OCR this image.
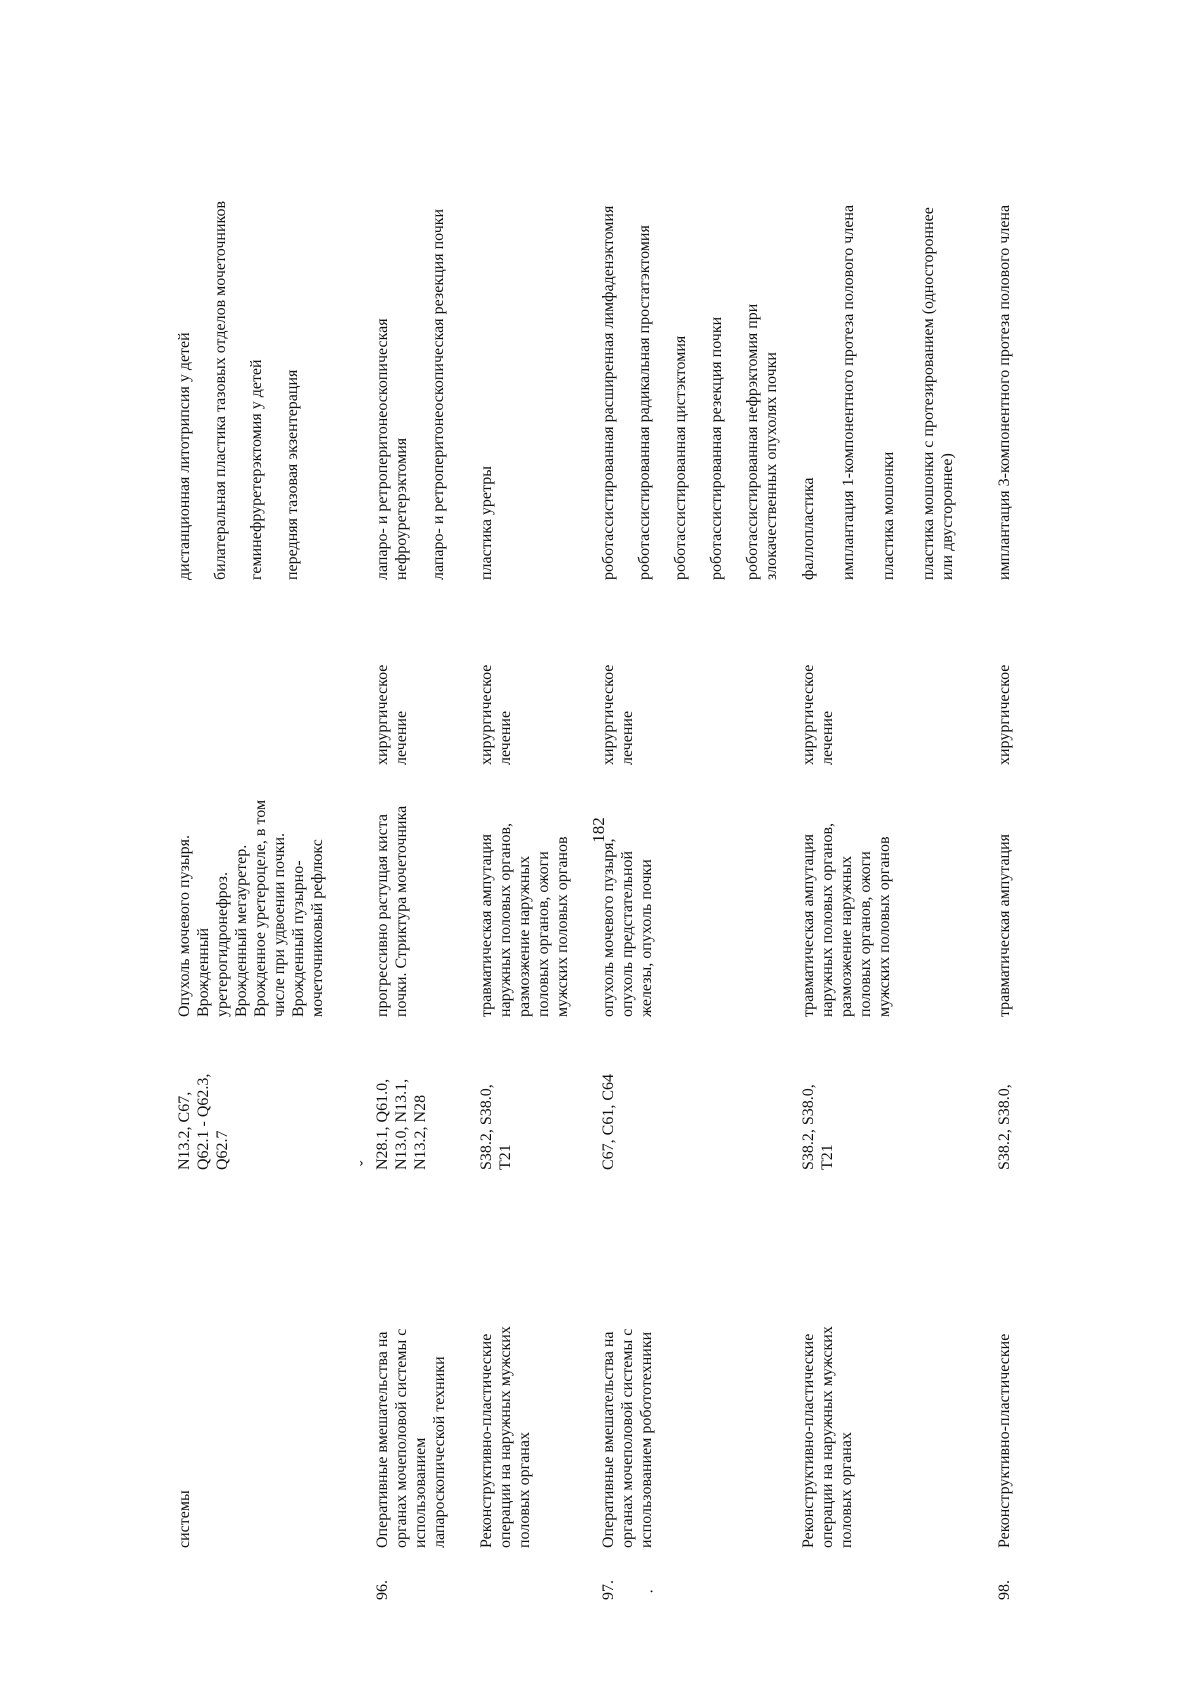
182
системы
N13.2, C67,
Q62.1 - Q62.3,
Q62.7
Опухоль мочевого пузыря.
Врожденный
уретерогидронефроз.
Врожденный мегауретер.
Врожденное уретероцеле, в том
числе при удвоении почки.
Врожденный пузырно-
мочеточниковый рефлюкс
дистанционная литотрипсия у детей билатеральная пластика тазовых отделов мочеточников геминефруретерэктомия у детей передняя тазовая экзентерация
96.
Оперативные вмешательства на
органах мочеполовой системы с
использованием
лапароскопической техники
ˇ N28.1, Q61.0,
N13.0, N13.1,
N13.2, N28
прогрессивно растущая киста
почки. Стриктура мочеточника
хирургическое
лечение
лапаро- и ретроперитонеоскопическая
нефроуретерэктомия лапаро- и ретроперитонеоскопическая резекция почки
Реконструктивно-пластические
операции на наружных мужских
половых органах
S38.2, S38.0,
T21
травматическая ампутация
наружных половых органов,
размозжение наружных
половых органов, ожоги
мужских половых органов
хирургическое
лечение
пластика уретры
97. ·
Оперативные вмешательства на
органах мочеполовой системы с
использованием робототехники
C67, C61, C64
опухоль мочевого пузыря,
опухоль предстательной
железы, опухоль почки
хирургическое
лечение
роботассистированная расширенная лимфаденэктомия роботассистированная радикальная простатэктомия роботассистированная цистэктомия роботассистированная резекция почки роботассистированная нефрэктомия при
злокачественных опухолях почки
Реконструктивно-пластические
операции на наружных мужских
половых органах
S38.2, S38.0,
T21
травматическая ампутация
наружных половых органов,
размозжение наружных
половых органов, ожоги
мужских половых органов
хирургическое
лечение
фаллопластика имплантация 1-компонентного протеза полового члена пластика мошонки пластика мошонки с протезированием (одностороннее
или двустороннее)
98.
Реконструктивно-пластические
S38.2, S38.0,
травматическая ампутация
хирургическое
имплантация 3-компонентного протеза полового члена
